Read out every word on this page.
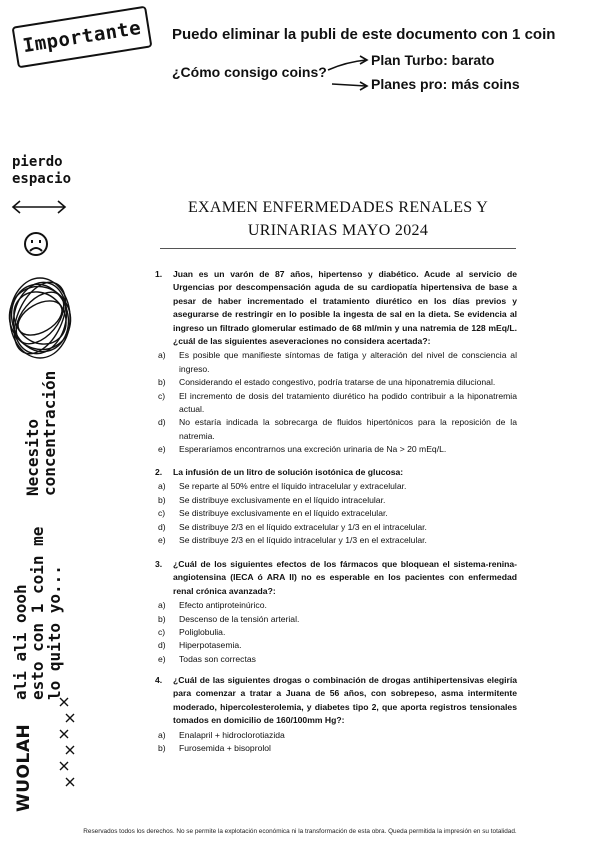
Importante Puedo eliminar la publi de este documento con 1 coin
¿Cómo consigo coins?
Plan Turbo: barato
Planes pro: más coins
pierdo
espacio
Necesito concentración
ali ali oooh
esto con 1 coin me
lo quito yo...
WUOLAH
EXAMEN ENFERMEDADES RENALES Y
URINARIAS MAYO 2024
1.	Juan es un varón de 87 años, hipertenso y diabético. Acude al servicio de Urgencias por descompensación aguda de su cardiopatía hipertensiva de base a pesar de haber incrementado el tratamiento diurético en los días previos y asegurarse de restringir en lo posible la ingesta de sal en la dieta. Se evidencia al ingreso un filtrado glomerular estimado de 68 ml/min y una natremia de 128 mEq/L. ¿cuál de las siguientes aseveraciones no considera acertada?:
a)	Es posible que manifieste síntomas de fatiga y alteración del nivel de consciencia al ingreso.
b)	Considerando el estado congestivo, podría tratarse de una hiponatremia dilucional.
c)	El incremento de dosis del tratamiento diurético ha podido contribuir a la hiponatremia actual.
d)	No estaría indicada la sobrecarga de fluidos hipertónicos para la reposición de la natremia.
e)	Esperaríamos encontrarnos una excreción urinaria de Na > 20 mEq/L.
2.	La infusión de un litro de solución isotónica de glucosa:
a)	Se reparte al 50% entre el líquido intracelular y extracelular.
b)	Se distribuye exclusivamente en el líquido intracelular.
c)	Se distribuye exclusivamente en el líquido extracelular.
d)	Se distribuye 2/3 en el líquido extracelular y 1/3 en el intracelular.
e)	Se distribuye 2/3 en el líquido intracelular y 1/3 en el extracelular.
3.	¿Cuál de los siguientes efectos de los fármacos que bloquean el sistema-renina-angiotensina (IECA ó ARA II) no es esperable en los pacientes con enfermedad renal crónica avanzada?:
a)	Efecto antiproteinúrico.
b)	Descenso de la tensión arterial.
c)	Poliglobulia.
d)	Hiperpotasemia.
e)	Todas son correctas
4.	¿Cuál de las siguientes drogas o combinación de drogas antihipertensivas elegiría para comenzar a tratar a Juana de 56 años, con sobrepeso, asma intermitente moderado, hipercolesterolemia, y diabetes tipo 2, que aporta registros tensionales tomados en domicilio de 160/100mm Hg?:
a)	Enalapril + hidroclorotiazida
b)	Furosemida + bisoprolol
Reservados todos los derechos. No se permite la explotación económica ni la transformación de esta obra. Queda permitida la impresión en su totalidad.
